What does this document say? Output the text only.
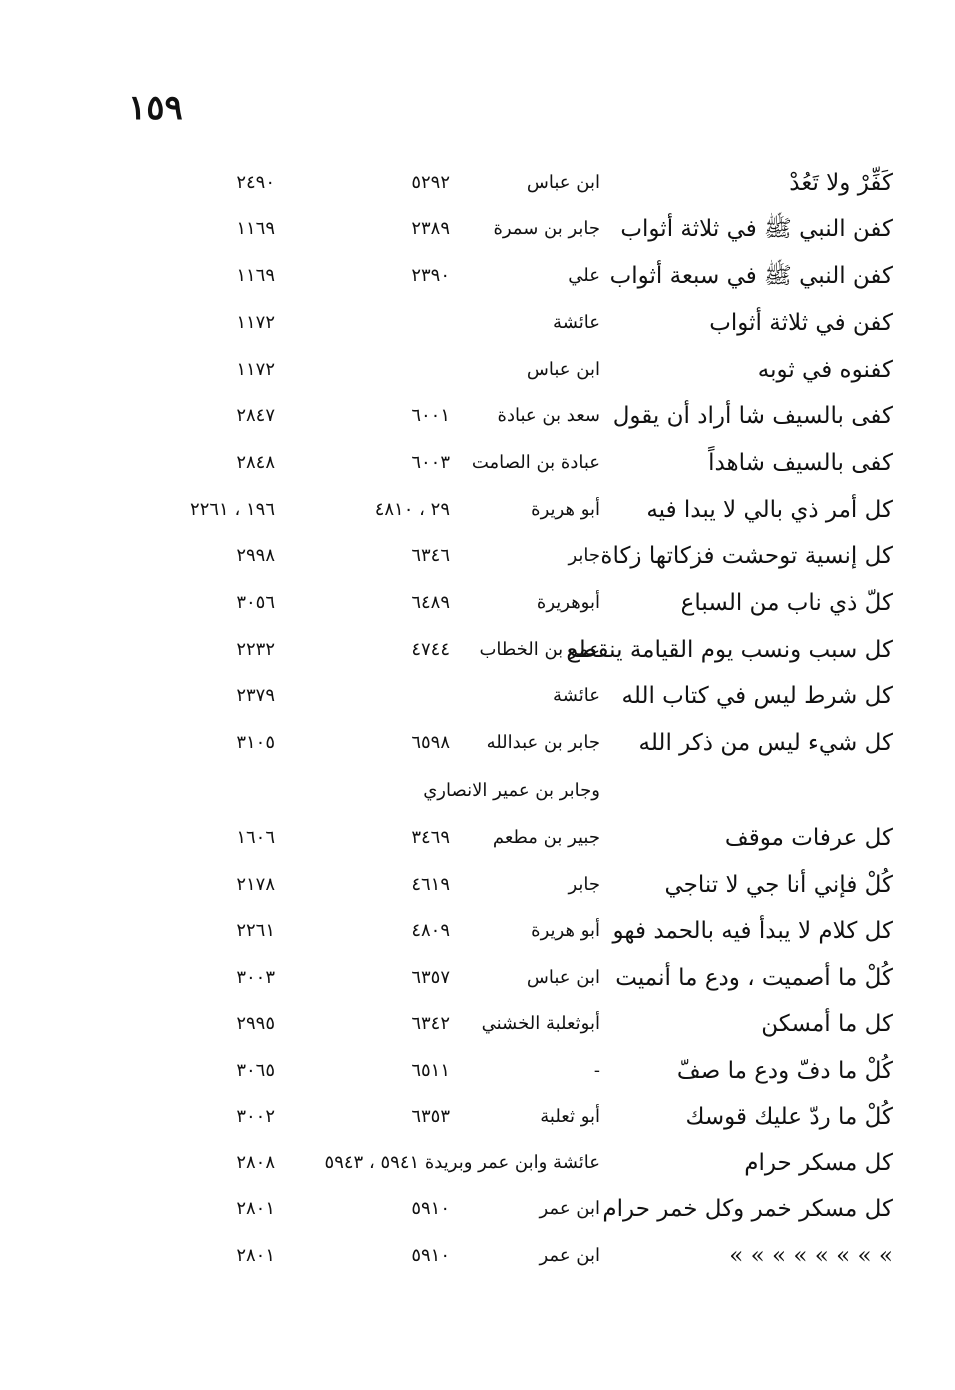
١٥٩
كَفِّرْ ولا تَعُدْ
ابن عباس
٥٢٩٢
٢٤٩٠
كفن النبي ﷺ في ثلاثة أثواب
جابر بن سمرة
٢٣٨٩
١١٦٩
كفن النبي ﷺ في سبعة أثواب
علي
٢٣٩٠
١١٦٩
كفن في ثلاثة أثواب
عائشة
١١٧٢
كفنوه في ثوبه
ابن عباس
١١٧٢
كفى بالسيف شا أراد أن يقول
سعد بن عبادة
٦٠٠١
٢٨٤٧
كفى بالسيف شاهداً
عبادة بن الصامت
٦٠٠٣
٢٨٤٨
كل أمر ذي بالي لا يبدا فيه
أبو هريرة
٢٩ ، ٤٨١٠
١٩٦ ، ٢٢٦١
كل إنسية توحشت فزكاتها زكاة
جابر
٦٣٤٦
٢٩٩٨
كلّ ذي ناب من السباع
أبوهريرة
٦٤٨٩
٣٠٥٦
كل سبب ونسب يوم القيامة ينقطع
عمر بن الخطاب
٤٧٤٤
٢٢٣٢
كل شرط ليس في كتاب الله
عائشة
٢٣٧٩
كل شيء ليس من ذكر الله
جابر بن عبدالله
٦٥٩٨
٣١٠٥
وجابر بن عمير الانصاري
كل عرفات موقف
جبير بن مطعم
٣٤٦٩
١٦٠٦
كُلْ فإني أنا جي لا تناجي
جابر
٤٦١٩
٢١٧٨
كل كلام لا يبدأ فيه بالحمد فهو
أبو هريرة
٤٨٠٩
٢٢٦١
كُلْ ما أصميت ، ودع ما أنميت
ابن عباس
٦٣٥٧
٣٠٠٣
كل ما أمسكن
أبوثعلبة الخشني
٦٣٤٢
٢٩٩٥
كُلْ ما دفّ ودع ما صفّ
-
٦٥١١
٣٠٦٥
كُلْ ما ردّ عليك قوسك
أبو ثعلبة
٦٣٥٣
٣٠٠٢
كل مسكر حرام
عائشة وابن عمر وبريدة ٥٩٤١ ، ٥٩٤٣
٢٨٠٨
كل مسكر خمر وكل خمر حرام
ابن عمر
٥٩١٠
٢٨٠١
» » » » » » » »
ابن عمر
٥٩١٠
٢٨٠١
